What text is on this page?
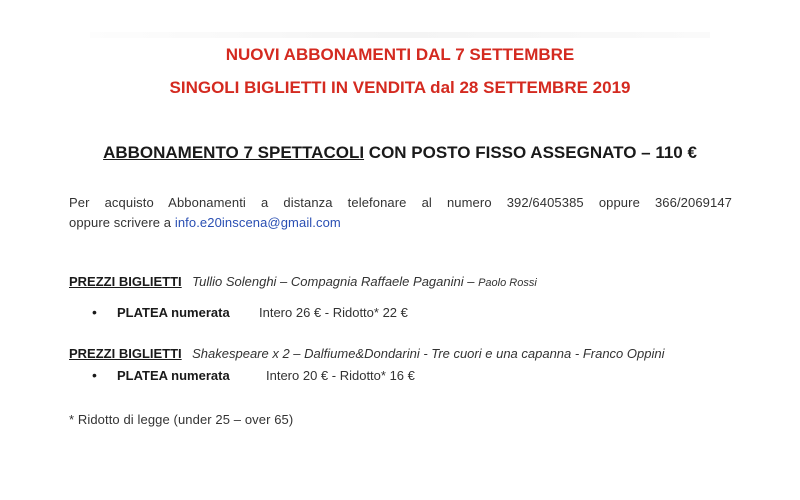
NUOVI ABBONAMENTI DAL 7 SETTEMBRE
SINGOLI BIGLIETTI IN VENDITA dal 28 SETTEMBRE 2019
ABBONAMENTO 7 SPETTACOLI CON POSTO FISSO ASSEGNATO – 110 €
Per acquisto Abbonamenti a distanza telefonare al numero 392/6405385 oppure 366/2069147
oppure scrivere a info.e20inscena@gmail.com
PREZZI BIGLIETTI Tullio Solenghi – Compagnia Raffaele Paganini – Paolo Rossi
• PLATEA numerata Intero 26 € - Ridotto* 22 €
PREZZI BIGLIETTI Shakespeare x 2 – Dalfiume&Dondarini - Tre cuori e una capanna - Franco Oppini
• PLATEA numerata	Intero 20 € - Ridotto* 16 €
* Ridotto di legge (under 25 – over 65)
